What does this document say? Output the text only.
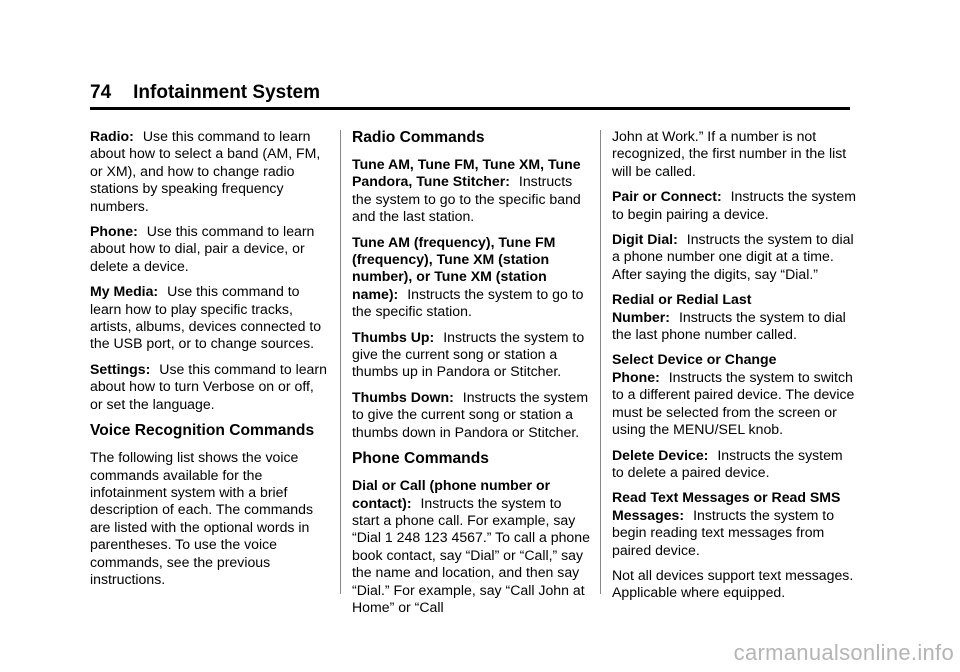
74 Infotainment System

Radio: Use this command to learn about how to select a band (AM, FM, or XM), and how to change radio stations by speaking frequency numbers.

Phone: Use this command to learn about how to dial, pair a device, or delete a device.

My Media: Use this command to learn how to play specific tracks, artists, albums, devices connected to the USB port, or to change sources.

Settings: Use this command to learn about how to turn Verbose on or off, or set the language.

Voice Recognition Commands

The following list shows the voice commands available for the infotainment system with a brief description of each. The commands are listed with the optional words in parentheses. To use the voice commands, see the previous instructions.

Radio Commands

Tune AM, Tune FM, Tune XM, Tune Pandora, Tune Stitcher: Instructs the system to go to the specific band and the last station.

Tune AM (frequency), Tune FM (frequency), Tune XM (station number), or Tune XM (station name): Instructs the system to go to the specific station.

Thumbs Up: Instructs the system to give the current song or station a thumbs up in Pandora or Stitcher.

Thumbs Down: Instructs the system to give the current song or station a thumbs down in Pandora or Stitcher.

Phone Commands

Dial or Call (phone number or contact): Instructs the system to start a phone call. For example, say “Dial 1 248 123 4567.” To call a phone book contact, say “Dial” or “Call,” say the name and location, and then say “Dial.” For example, say “Call John at Home” or “Call

John at Work.” If a number is not recognized, the first number in the list will be called.

Pair or Connect: Instructs the system to begin pairing a device.

Digit Dial: Instructs the system to dial a phone number one digit at a time. After saying the digits, say “Dial.”

Redial or Redial Last Number: Instructs the system to dial the last phone number called.

Select Device or Change Phone: Instructs the system to switch to a different paired device. The device must be selected from the screen or using the MENU/SEL knob.

Delete Device: Instructs the system to delete a paired device.

Read Text Messages or Read SMS Messages: Instructs the system to begin reading text messages from paired device.

Not all devices support text messages. Applicable where equipped.

carmanualsonline.info
